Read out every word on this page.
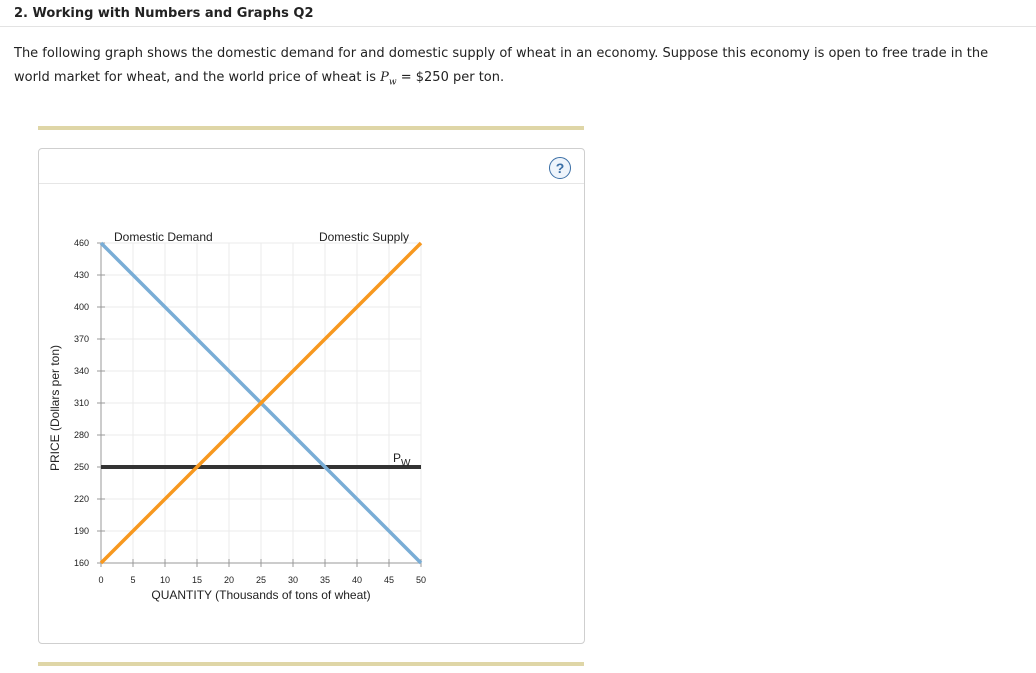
2. Working with Numbers and Graphs Q2
The following graph shows the domestic demand for and domestic supply of wheat in an economy. Suppose this economy is open to free trade in the world market for wheat, and the world price of wheat is $P_w$ = $250 per ton.
?
0	5	10 15 20 25 30 35 40 45 50
160
190
220
250
280
310
340
370
400
430
460 Domestic Demand	Domestic Supply
$P_W$
QUANTITY (Thousands of tons of wheat)
PRICE (Dollars per ton)
